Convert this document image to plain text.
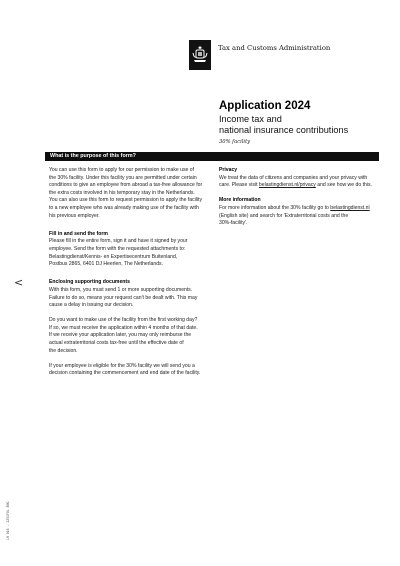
Tax and Customs Administration
Application 2024
Income tax and
national insurance contributions
30% facility
What is the purpose of this form?

You can use this form to apply for our permission to make use of
the 30% facility. Under this facility you are permitted under certain
conditions to give an employee from abroad a tax-free allowance for
the extra costs involved in his temporary stay in the Netherlands.
You can also use this form to request permission to apply the facility
to a new employee who was already making use of the facility with
his previous employer.

Fill in and send the form

Please fill in the entire form, sign it and have it signed by your
employee. Send the form with the requested attachments to:
Belastingdienst/Kennis- en Expertisecentrum Buitenland,
Postbus 2865, 6401 DJ Heerlen, The Netherlands.

Enclosing supporting documents

With this form, you must send 1 or more supporting documents.
Failure to do so, means your request can't be dealt with. This may
cause a delay in issuing our decision.

Do you want to make use of the facility from the first working day?
If so, we must receive the application within 4 months of that date.
If we receive your application later, you may only reimburse the
actual extraterritorial costs tax-free until the effective date of
the decision.

If your employee is eligible for the 30% facility we will send you a
decision containing the commencement and end date of the facility.

Privacy

We treat the data of citizens and companies and your privacy with
care. Please visit belastingdienst.nl/privacy and see how we do this.

More information

For more information about the 30% facility go to belastingdienst.nl
(English site) and search for 'Extraterritorial costs and the
30%-facility'.

<
LH 016 - 1Z51FOL ENG
